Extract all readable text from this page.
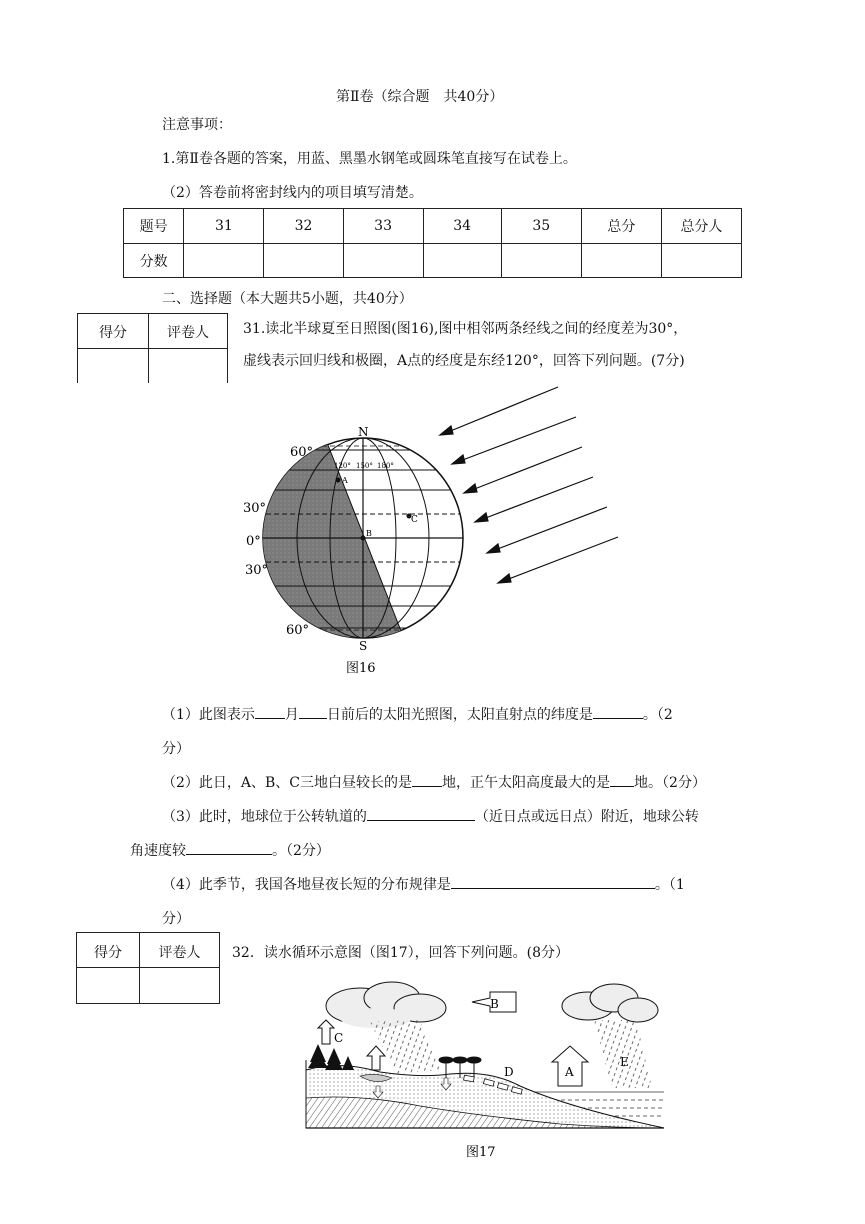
第Ⅱ卷（综合题　共40分）
注意事项：
1.第Ⅱ卷各题的答案，用蓝、黑墨水钢笔或圆珠笔直接写在试卷上。
（2）答卷前将密封线内的项目填写清楚。
题号	31	32	33	34	35	总分	总分人
分数							
二、选择题（本大题共5小题，共40分）
得分	评卷人	31.读北半球夏至日照图(图16),图中相邻两条经线之间的经度差为30°，
虚线表示回归线和极圈，A点的经度是东经120°，回答下列问题。(7分)
N
S
60°
30°
0°
30°
60°
120° 150° 180°
A
B
C
图16
（1）此图表示 月 日前后的太阳光照图，太阳直射点的纬度是	。（2
分）
（2）此日，A、B、C三地白昼较长的是 地，正午太阳高度最大的是 地。（2分）
（3）此时，地球位于公转轨道的	（近日点或远日点）附近，地球公转
角速度较	。（2分）
（4）此季节，我国各地昼夜长短的分布规律是	。（1
分）
得分	评卷人	32．读水循环示意图（图17），回答下列问题。(8分）
C
B
A
D
E
图17
